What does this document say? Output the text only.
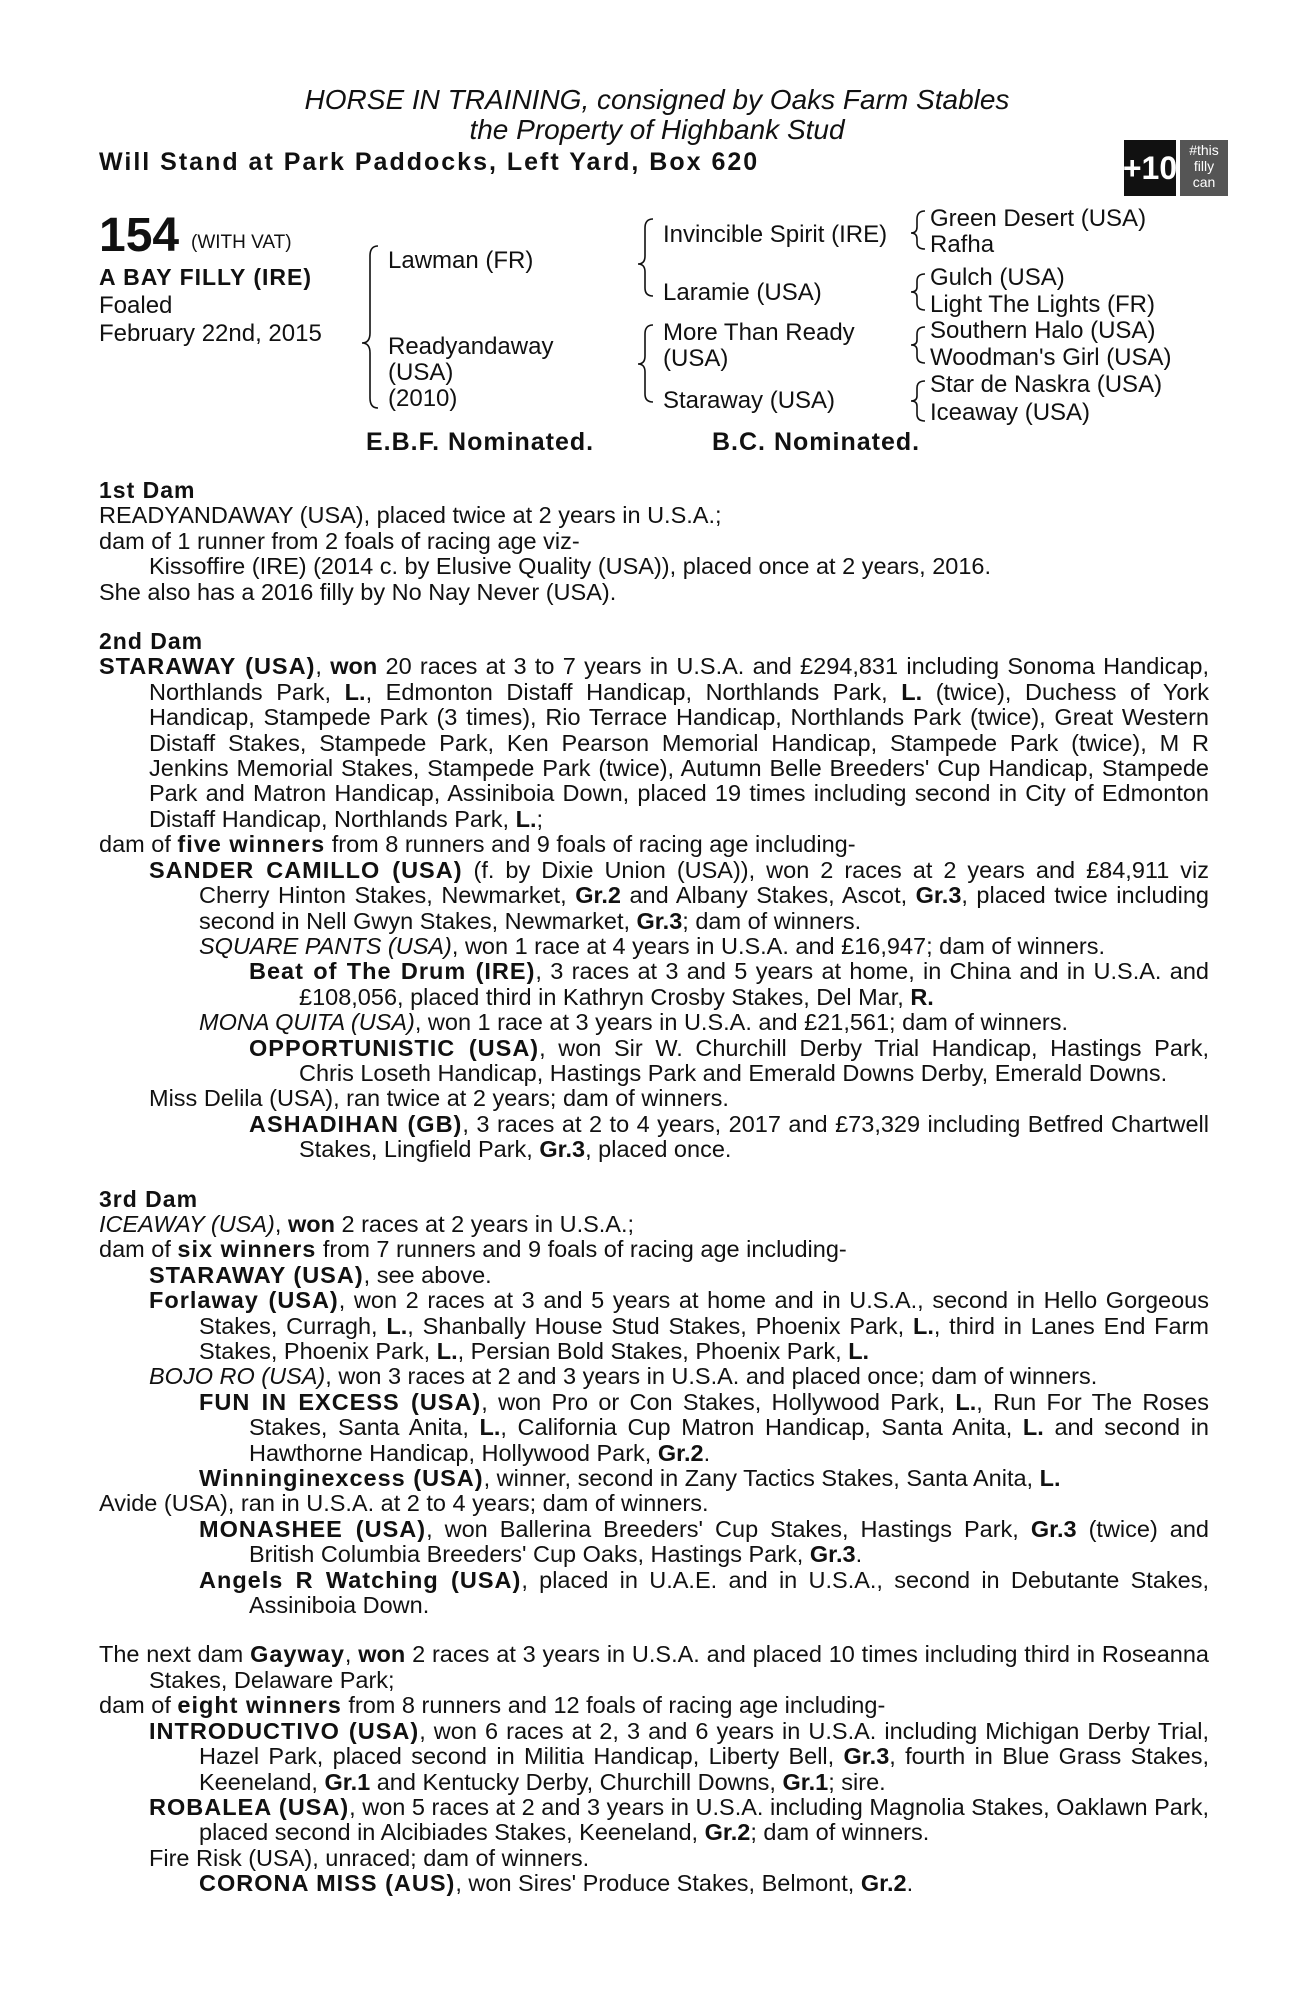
HORSE IN TRAINING, consigned by Oaks Farm Stables
the Property of Highbank Stud
Will Stand at Park Paddocks, Left Yard, Box 620	+10 #this
filly
can
154 (WITH VAT)
A BAY FILLY (IRE)
Foaled
February 22nd, 2015
Lawman (FR)
Readyandaway
(USA)
(2010)
Invincible Spirit (IRE)
Laramie (USA)
More Than Ready
(USA)
Staraway (USA)
Green Desert (USA)
Rafha
Gulch (USA)
Light The Lights (FR)
Southern Halo (USA)
Woodman's Girl (USA)
Star de Naskra (USA)
Iceaway (USA)
E.B.F. Nominated.	B.C. Nominated.

1st Dam

READYANDAWAY (USA), placed twice at 2 years in U.S.A.;

dam of 1 runner from 2 foals of racing age viz-

Kissoffire (IRE) (2014 c. by Elusive Quality (USA)), placed once at 2 years, 2016.

She also has a 2016 filly by No Nay Never (USA).

2nd Dam

STARAWAY (USA), won 20 races at 3 to 7 years in U.S.A. and £294,831 including Sonoma Handicap, Northlands Park, L., Edmonton Distaff Handicap, Northlands Park, L. (twice), Duchess of York Handicap, Stampede Park (3 times), Rio Terrace Handicap, Northlands Park (twice), Great Western Distaff Stakes, Stampede Park, Ken Pearson Memorial Handicap, Stampede Park (twice), M R Jenkins Memorial Stakes, Stampede Park (twice), Autumn Belle Breeders' Cup Handicap, Stampede Park and Matron Handicap, Assiniboia Down, placed 19 times including second in City of Edmonton Distaff Handicap, Northlands Park, L.;

dam of five winners from 8 runners and 9 foals of racing age including-

SANDER CAMILLO (USA) (f. by Dixie Union (USA)), won 2 races at 2 years and £84,911 viz Cherry Hinton Stakes, Newmarket, Gr.2 and Albany Stakes, Ascot, Gr.3, placed twice including second in Nell Gwyn Stakes, Newmarket, Gr.3; dam of winners.

SQUARE PANTS (USA), won 1 race at 4 years in U.S.A. and £16,947; dam of winners.

Beat of The Drum (IRE), 3 races at 3 and 5 years at home, in China and in U.S.A. and £108,056, placed third in Kathryn Crosby Stakes, Del Mar, R.

MONA QUITA (USA), won 1 race at 3 years in U.S.A. and £21,561; dam of winners.

OPPORTUNISTIC (USA), won Sir W. Churchill Derby Trial Handicap, Hastings Park, Chris Loseth Handicap, Hastings Park and Emerald Downs Derby, Emerald Downs.

Miss Delila (USA), ran twice at 2 years; dam of winners.

ASHADIHAN (GB), 3 races at 2 to 4 years, 2017 and £73,329 including Betfred Chartwell Stakes, Lingfield Park, Gr.3, placed once.

3rd Dam

ICEAWAY (USA), won 2 races at 2 years in U.S.A.;

dam of six winners from 7 runners and 9 foals of racing age including-

STARAWAY (USA), see above.

Forlaway (USA), won 2 races at 3 and 5 years at home and in U.S.A., second in Hello Gorgeous Stakes, Curragh, L., Shanbally House Stud Stakes, Phoenix Park, L., third in Lanes End Farm Stakes, Phoenix Park, L., Persian Bold Stakes, Phoenix Park, L.

BOJO RO (USA), won 3 races at 2 and 3 years in U.S.A. and placed once; dam of winners.

FUN IN EXCESS (USA), won Pro or Con Stakes, Hollywood Park, L., Run For The Roses Stakes, Santa Anita, L., California Cup Matron Handicap, Santa Anita, L. and second in Hawthorne Handicap, Hollywood Park, Gr.2.

Winninginexcess (USA), winner, second in Zany Tactics Stakes, Santa Anita, L.

Avide (USA), ran in U.S.A. at 2 to 4 years; dam of winners.

MONASHEE (USA), won Ballerina Breeders' Cup Stakes, Hastings Park, Gr.3 (twice) and British Columbia Breeders' Cup Oaks, Hastings Park, Gr.3.

Angels R Watching (USA), placed in U.A.E. and in U.S.A., second in Debutante Stakes, Assiniboia Down.

The next dam Gayway, won 2 races at 3 years in U.S.A. and placed 10 times including third in Roseanna Stakes, Delaware Park;

dam of eight winners from 8 runners and 12 foals of racing age including-

INTRODUCTIVO (USA), won 6 races at 2, 3 and 6 years in U.S.A. including Michigan Derby Trial, Hazel Park, placed second in Militia Handicap, Liberty Bell, Gr.3, fourth in Blue Grass Stakes, Keeneland, Gr.1 and Kentucky Derby, Churchill Downs, Gr.1; sire.

ROBALEA (USA), won 5 races at 2 and 3 years in U.S.A. including Magnolia Stakes, Oaklawn Park, placed second in Alcibiades Stakes, Keeneland, Gr.2; dam of winners.

Fire Risk (USA), unraced; dam of winners.

CORONA MISS (AUS), won Sires' Produce Stakes, Belmont, Gr.2.
